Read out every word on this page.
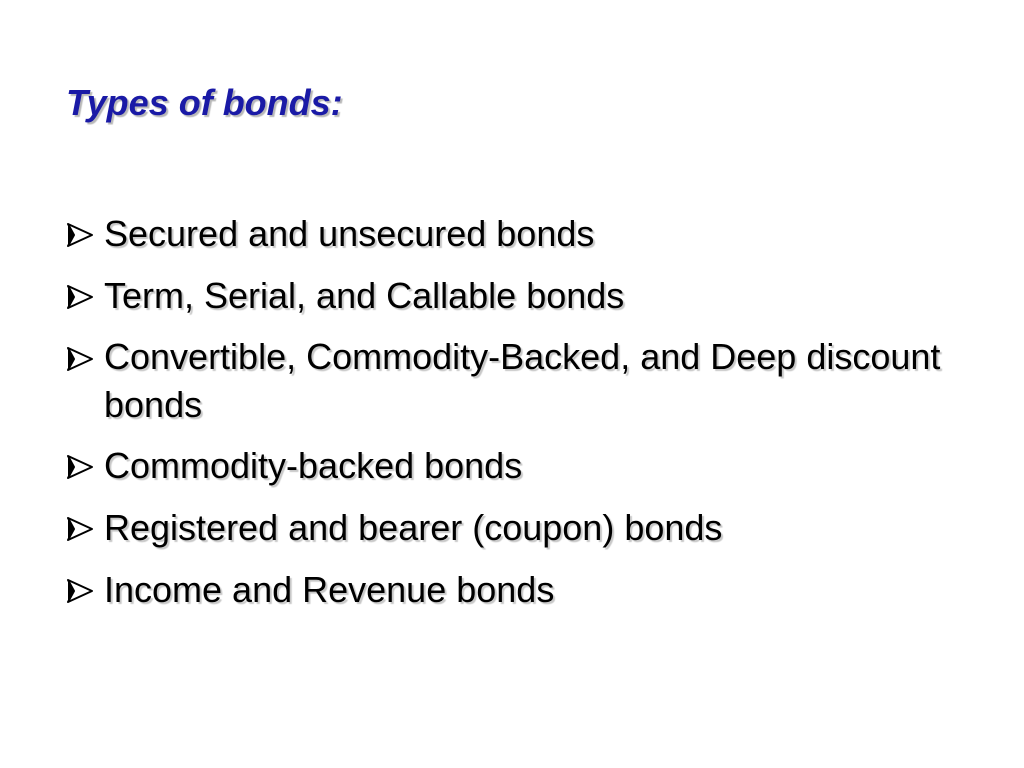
Types of bonds:
Secured and unsecured bonds
Term, Serial, and Callable bonds
Convertible, Commodity-Backed, and Deep discount bonds
Commodity-backed bonds
Registered and bearer (coupon) bonds
Income and Revenue bonds
